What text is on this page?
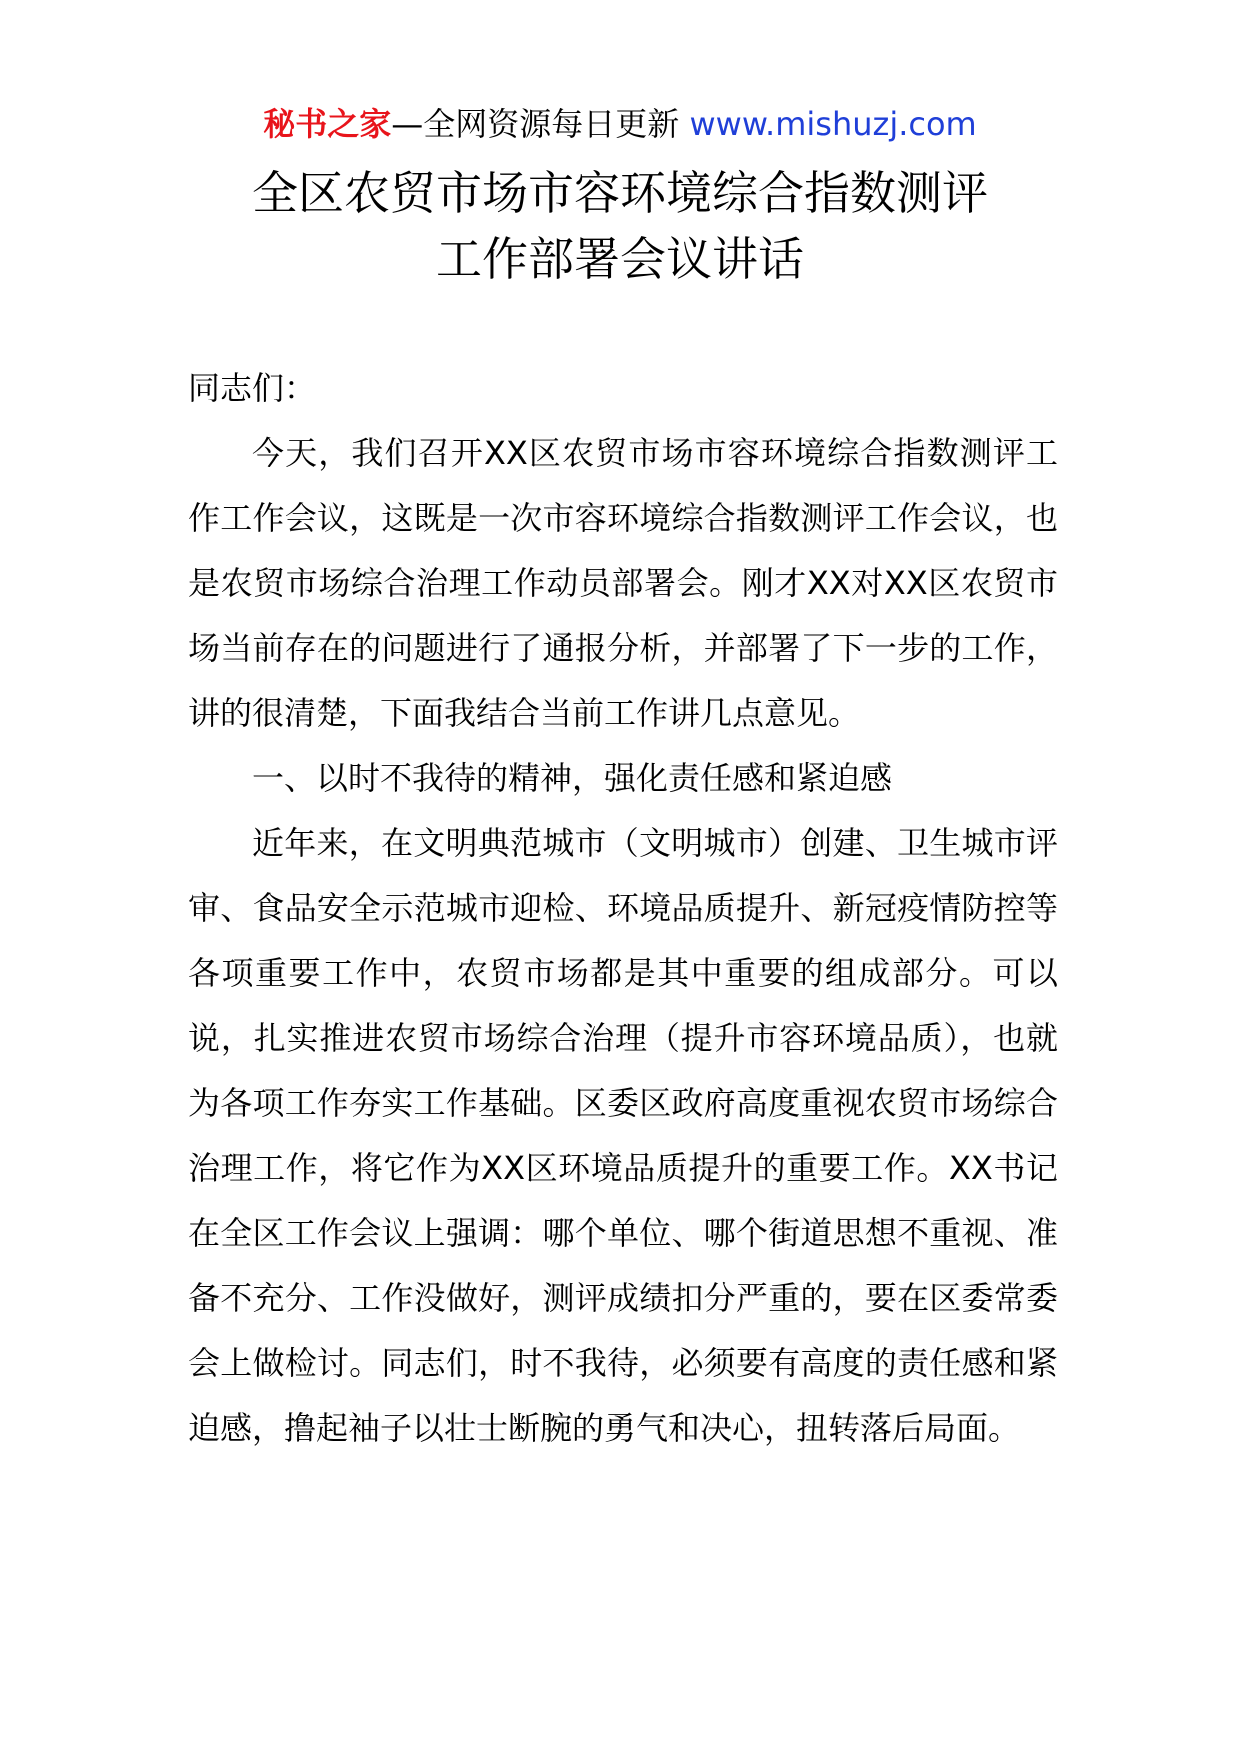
秘书之家—全网资源每日更新 www.mishuzj.com
全区农贸市场市容环境综合指数测评
工作部署会议讲话

同志们：

今天，我们召开XX区农贸市场市容环境综合指数测评工作工作会议，这既是一次市容环境综合指数测评工作会议，也是农贸市场综合治理工作动员部署会。刚才XX对XX区农贸市场当前存在的问题进行了通报分析，并部署了下一步的工作，讲的很清楚，下面我结合当前工作讲几点意见。

一、以时不我待的精神，强化责任感和紧迫感

近年来，在文明典范城市（文明城市）创建、卫生城市评审、食品安全示范城市迎检、环境品质提升、新冠疫情防控等各项重要工作中，农贸市场都是其中重要的组成部分。可以说，扎实推进农贸市场综合治理（提升市容环境品质），也就为各项工作夯实工作基础。区委区政府高度重视农贸市场综合治理工作，将它作为XX区环境品质提升的重要工作。XX书记在全区工作会议上强调：哪个单位、哪个街道思想不重视、准备不充分、工作没做好，测评成绩扣分严重的，要在区委常委会上做检讨。同志们，时不我待，必须要有高度的责任感和紧迫感，撸起袖子以壮士断腕的勇气和决心，扭转落后局面。
